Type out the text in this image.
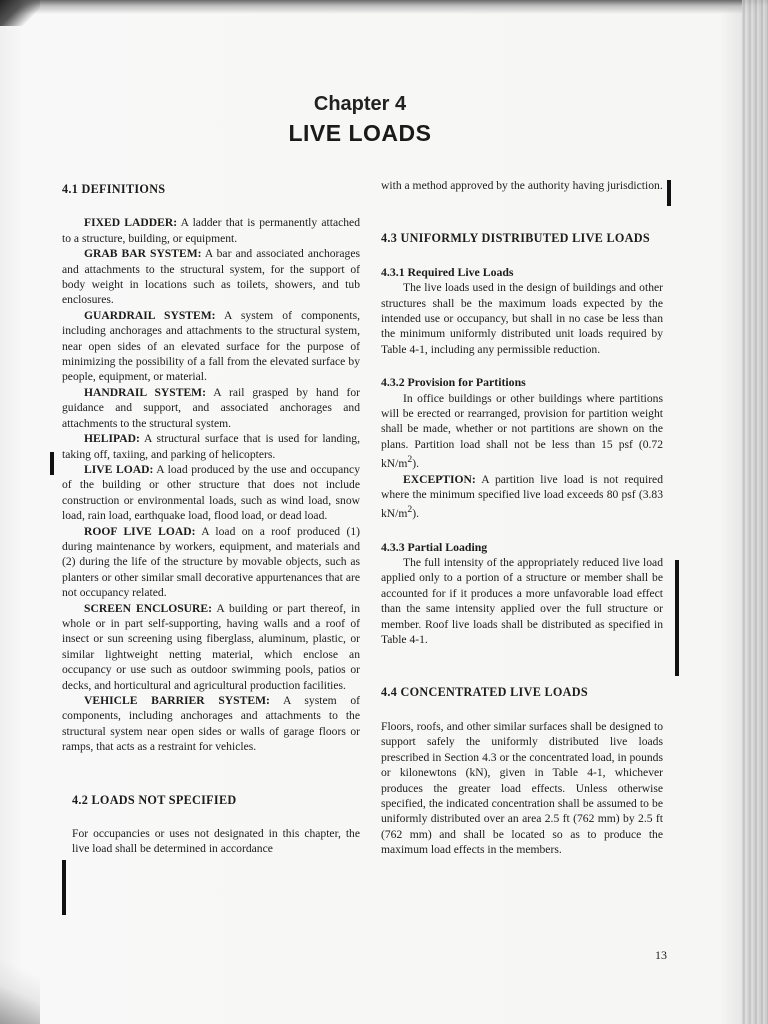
Chapter 4
LIVE LOADS
4.1 DEFINITIONS

FIXED LADDER: A ladder that is permanently attached to a structure, building, or equipment.

GRAB BAR SYSTEM: A bar and associated anchorages and attachments to the structural system, for the support of body weight in locations such as toilets, showers, and tub enclosures.

GUARDRAIL SYSTEM: A system of components, including anchorages and attachments to the structural system, near open sides of an elevated surface for the purpose of minimizing the possibility of a fall from the elevated surface by people, equipment, or material.

HANDRAIL SYSTEM: A rail grasped by hand for guidance and support, and associated anchorages and attachments to the structural system.

HELIPAD: A structural surface that is used for landing, taking off, taxiing, and parking of helicopters.

LIVE LOAD: A load produced by the use and occupancy of the building or other structure that does not include construction or environmental loads, such as wind load, snow load, rain load, earthquake load, flood load, or dead load.

ROOF LIVE LOAD: A load on a roof produced (1) during maintenance by workers, equipment, and materials and (2) during the life of the structure by movable objects, such as planters or other similar small decorative appurtenances that are not occupancy related.

SCREEN ENCLOSURE: A building or part thereof, in whole or in part self-supporting, having walls and a roof of insect or sun screening using fiberglass, aluminum, plastic, or similar lightweight netting material, which enclose an occupancy or use such as outdoor swimming pools, patios or decks, and horticultural and agricultural production facilities.

VEHICLE BARRIER SYSTEM: A system of components, including anchorages and attachments to the structural system near open sides or walls of garage floors or ramps, that acts as a restraint for vehicles.

4.2 LOADS NOT SPECIFIED

For occupancies or uses not designated in this chapter, the live load shall be determined in accordance

with a method approved by the authority having jurisdiction.

4.3 UNIFORMLY DISTRIBUTED LIVE LOADS
4.3.1 Required Live Loads

The live loads used in the design of buildings and other structures shall be the maximum loads expected by the intended use or occupancy, but shall in no case be less than the minimum uniformly distributed unit loads required by Table 4-1, including any permissible reduction.

4.3.2 Provision for Partitions

In office buildings or other buildings where partitions will be erected or rearranged, provision for partition weight shall be made, whether or not partitions are shown on the plans. Partition load shall not be less than 15 psf (0.72 $kN/m^2$).

EXCEPTION: A partition live load is not required where the minimum specified live load exceeds 80 psf (3.83 $kN/m^2$).

4.3.3 Partial Loading

The full intensity of the appropriately reduced live load applied only to a portion of a structure or member shall be accounted for if it produces a more unfavorable load effect than the same intensity applied over the full structure or member. Roof live loads shall be distributed as specified in Table 4-1.

4.4 CONCENTRATED LIVE LOADS

Floors, roofs, and other similar surfaces shall be designed to support safely the uniformly distributed live loads prescribed in Section 4.3 or the concentrated load, in pounds or kilonewtons (kN), given in Table 4-1, whichever produces the greater load effects. Unless otherwise specified, the indicated concentration shall be assumed to be uniformly distributed over an area 2.5 ft (762 mm) by 2.5 ft (762 mm) and shall be located so as to produce the maximum load effects in the members.

13
